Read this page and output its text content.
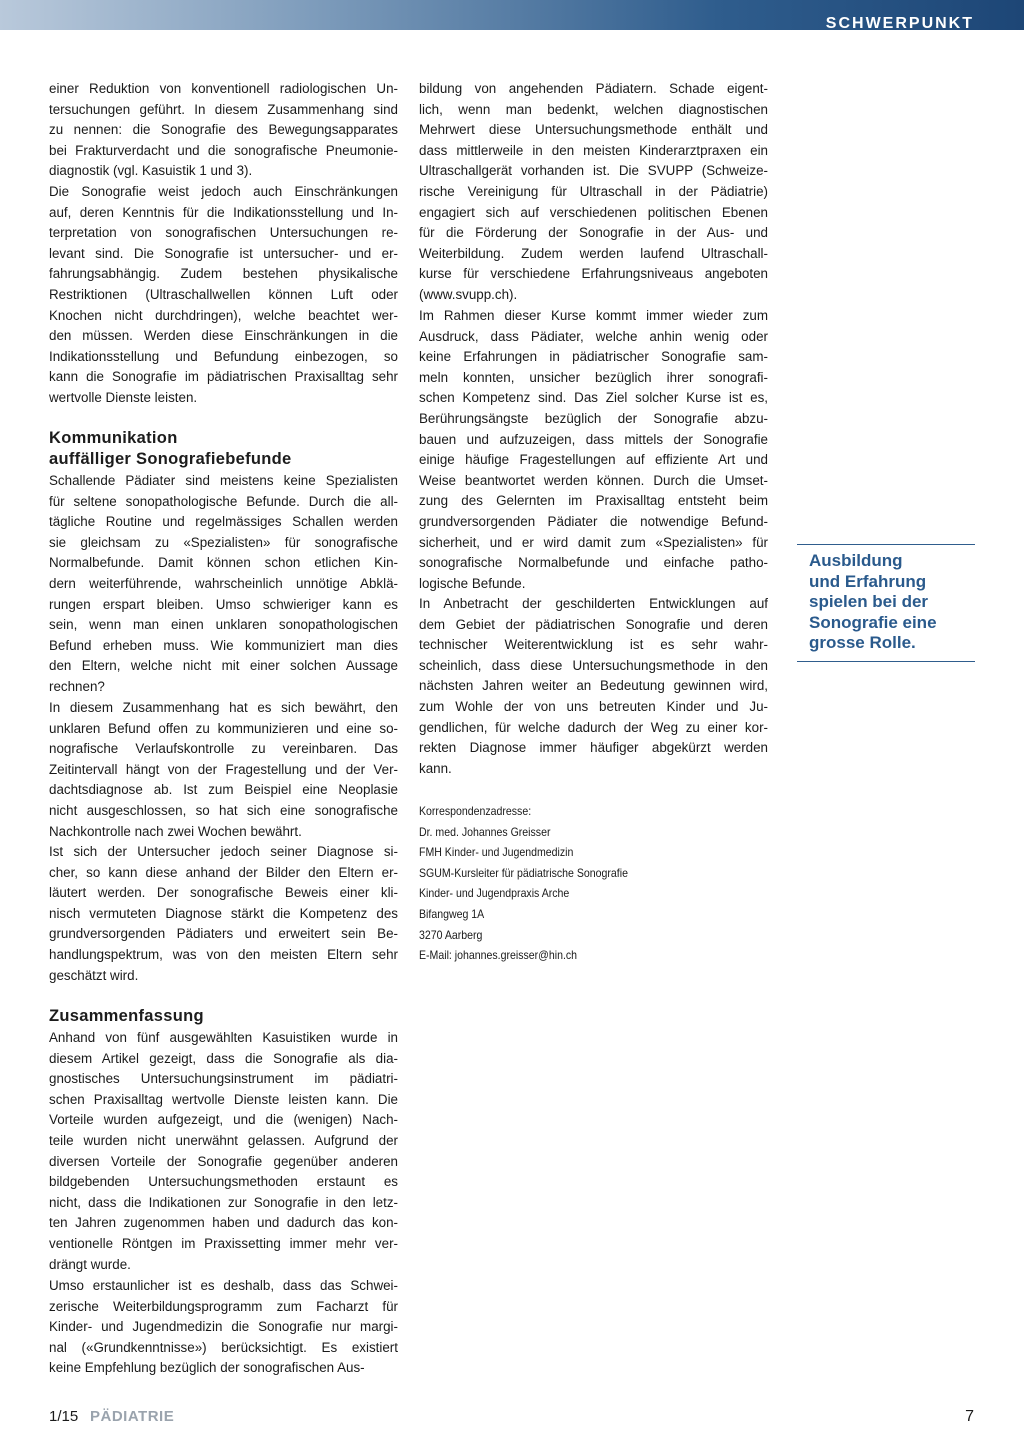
SCHWERPUNKT
einer Reduktion von konventionell radiologischen Un-
tersuchungen geführt. In diesem Zusammenhang sind
zu nennen: die Sonografie des Bewegungsapparates
bei Frakturverdacht und die sonografische Pneumonie-
diagnostik (vgl. Kasuistik 1 und 3).
Die Sonografie weist jedoch auch Einschränkungen
auf, deren Kenntnis für die Indikationsstellung und In-
terpretation von sonografischen Untersuchungen re-
levant sind. Die Sonografie ist untersucher- und er-
fahrungsabhängig. Zudem bestehen physikalische
Restriktionen (Ultraschallwellen können Luft oder
Knochen nicht durchdringen), welche beachtet wer-
den müssen. Werden diese Einschränkungen in die
Indikationsstellung und Befundung einbezogen, so
kann die Sonografie im pädiatrischen Praxisalltag sehr
wertvolle Dienste leisten.
Kommunikation
auffälliger Sonografiebefunde
Schallende Pädiater sind meistens keine Spezialisten
für seltene sonopathologische Befunde. Durch die all-
tägliche Routine und regelmässiges Schallen werden
sie gleichsam zu «Spezialisten» für sonografische
Normalbefunde. Damit können schon etlichen Kin-
dern weiterführende, wahrscheinlich unnötige Abklä-
rungen erspart bleiben. Umso schwieriger kann es
sein, wenn man einen unklaren sonopathologischen
Befund erheben muss. Wie kommuniziert man dies
den Eltern, welche nicht mit einer solchen Aussage
rechnen?
In diesem Zusammenhang hat es sich bewährt, den
unklaren Befund offen zu kommunizieren und eine so-
nografische Verlaufskontrolle zu vereinbaren. Das
Zeitintervall hängt von der Fragestellung und der Ver-
dachtsdiagnose ab. Ist zum Beispiel eine Neoplasie
nicht ausgeschlossen, so hat sich eine sonografische
Nachkontrolle nach zwei Wochen bewährt.
Ist sich der Untersucher jedoch seiner Diagnose si-
cher, so kann diese anhand der Bilder den Eltern er-
läutert werden. Der sonografische Beweis einer kli-
nisch vermuteten Diagnose stärkt die Kompetenz des
grundversorgenden Pädiaters und erweitert sein Be-
handlungspektrum, was von den meisten Eltern sehr
geschätzt wird.
Zusammenfassung
Anhand von fünf ausgewählten Kasuistiken wurde in
diesem Artikel gezeigt, dass die Sonografie als dia-
gnostisches Untersuchungsinstrument im pädiatri-
schen Praxisalltag wertvolle Dienste leisten kann. Die
Vorteile wurden aufgezeigt, und die (wenigen) Nach-
teile wurden nicht unerwähnt gelassen. Aufgrund der
diversen Vorteile der Sonografie gegenüber anderen
bildgebenden Untersuchungsmethoden erstaunt es
nicht, dass die Indikationen zur Sonografie in den letz-
ten Jahren zugenommen haben und dadurch das kon-
ventionelle Röntgen im Praxissetting immer mehr ver-
drängt wurde.
Umso erstaunlicher ist es deshalb, dass das Schwei-
zerische Weiterbildungsprogramm zum Facharzt für
Kinder- und Jugendmedizin die Sonografie nur margi-
nal («Grundkenntnisse») berücksichtigt. Es existiert
keine Empfehlung bezüglich der sonografischen Aus-
bildung von angehenden Pädiatern. Schade eigent-
lich, wenn man bedenkt, welchen diagnostischen
Mehrwert diese Untersuchungsmethode enthält und
dass mittlerweile in den meisten Kinderarztpraxen ein
Ultraschallgerät vorhanden ist. Die SVUPP (Schweize-
rische Vereinigung für Ultraschall in der Pädiatrie)
engagiert sich auf verschiedenen politischen Ebenen
für die Förderung der Sonografie in der Aus- und
Weiterbildung. Zudem werden laufend Ultraschall-
kurse für verschiedene Erfahrungsniveaus angeboten
(www.svupp.ch).
Im Rahmen dieser Kurse kommt immer wieder zum
Ausdruck, dass Pädiater, welche anhin wenig oder
keine Erfahrungen in pädiatrischer Sonografie sam-
meln konnten, unsicher bezüglich ihrer sonografi-
schen Kompetenz sind. Das Ziel solcher Kurse ist es,
Berührungsängste bezüglich der Sonografie abzu-
bauen und aufzuzeigen, dass mittels der Sonografie
einige häufige Fragestellungen auf effiziente Art und
Weise beantwortet werden können. Durch die Umset-
zung des Gelernten im Praxisalltag entsteht beim
grundversorgenden Pädiater die notwendige Befund-
sicherheit, und er wird damit zum «Spezialisten» für
sonografische Normalbefunde und einfache patho-
logische Befunde.
In Anbetracht der geschilderten Entwicklungen auf
dem Gebiet der pädiatrischen Sonografie und deren
technischer Weiterentwicklung ist es sehr wahr-
scheinlich, dass diese Untersuchungsmethode in den
nächsten Jahren weiter an Bedeutung gewinnen wird,
zum Wohle der von uns betreuten Kinder und Ju-
gendlichen, für welche dadurch der Weg zu einer kor-
rekten Diagnose immer häufiger abgekürzt werden
kann.
Korrespondenzadresse:
Dr. med. Johannes Greisser
FMH Kinder- und Jugendmedizin
SGUM-Kursleiter für pädiatrische Sonografie
Kinder- und Jugendpraxis Arche
Bifangweg 1A
3270 Aarberg
E-Mail: johannes.greisser@hin.ch
Ausbildung
und Erfahrung
spielen bei der
Sonografie eine
grosse Rolle.
1/15 PÄDIATRIE	7
